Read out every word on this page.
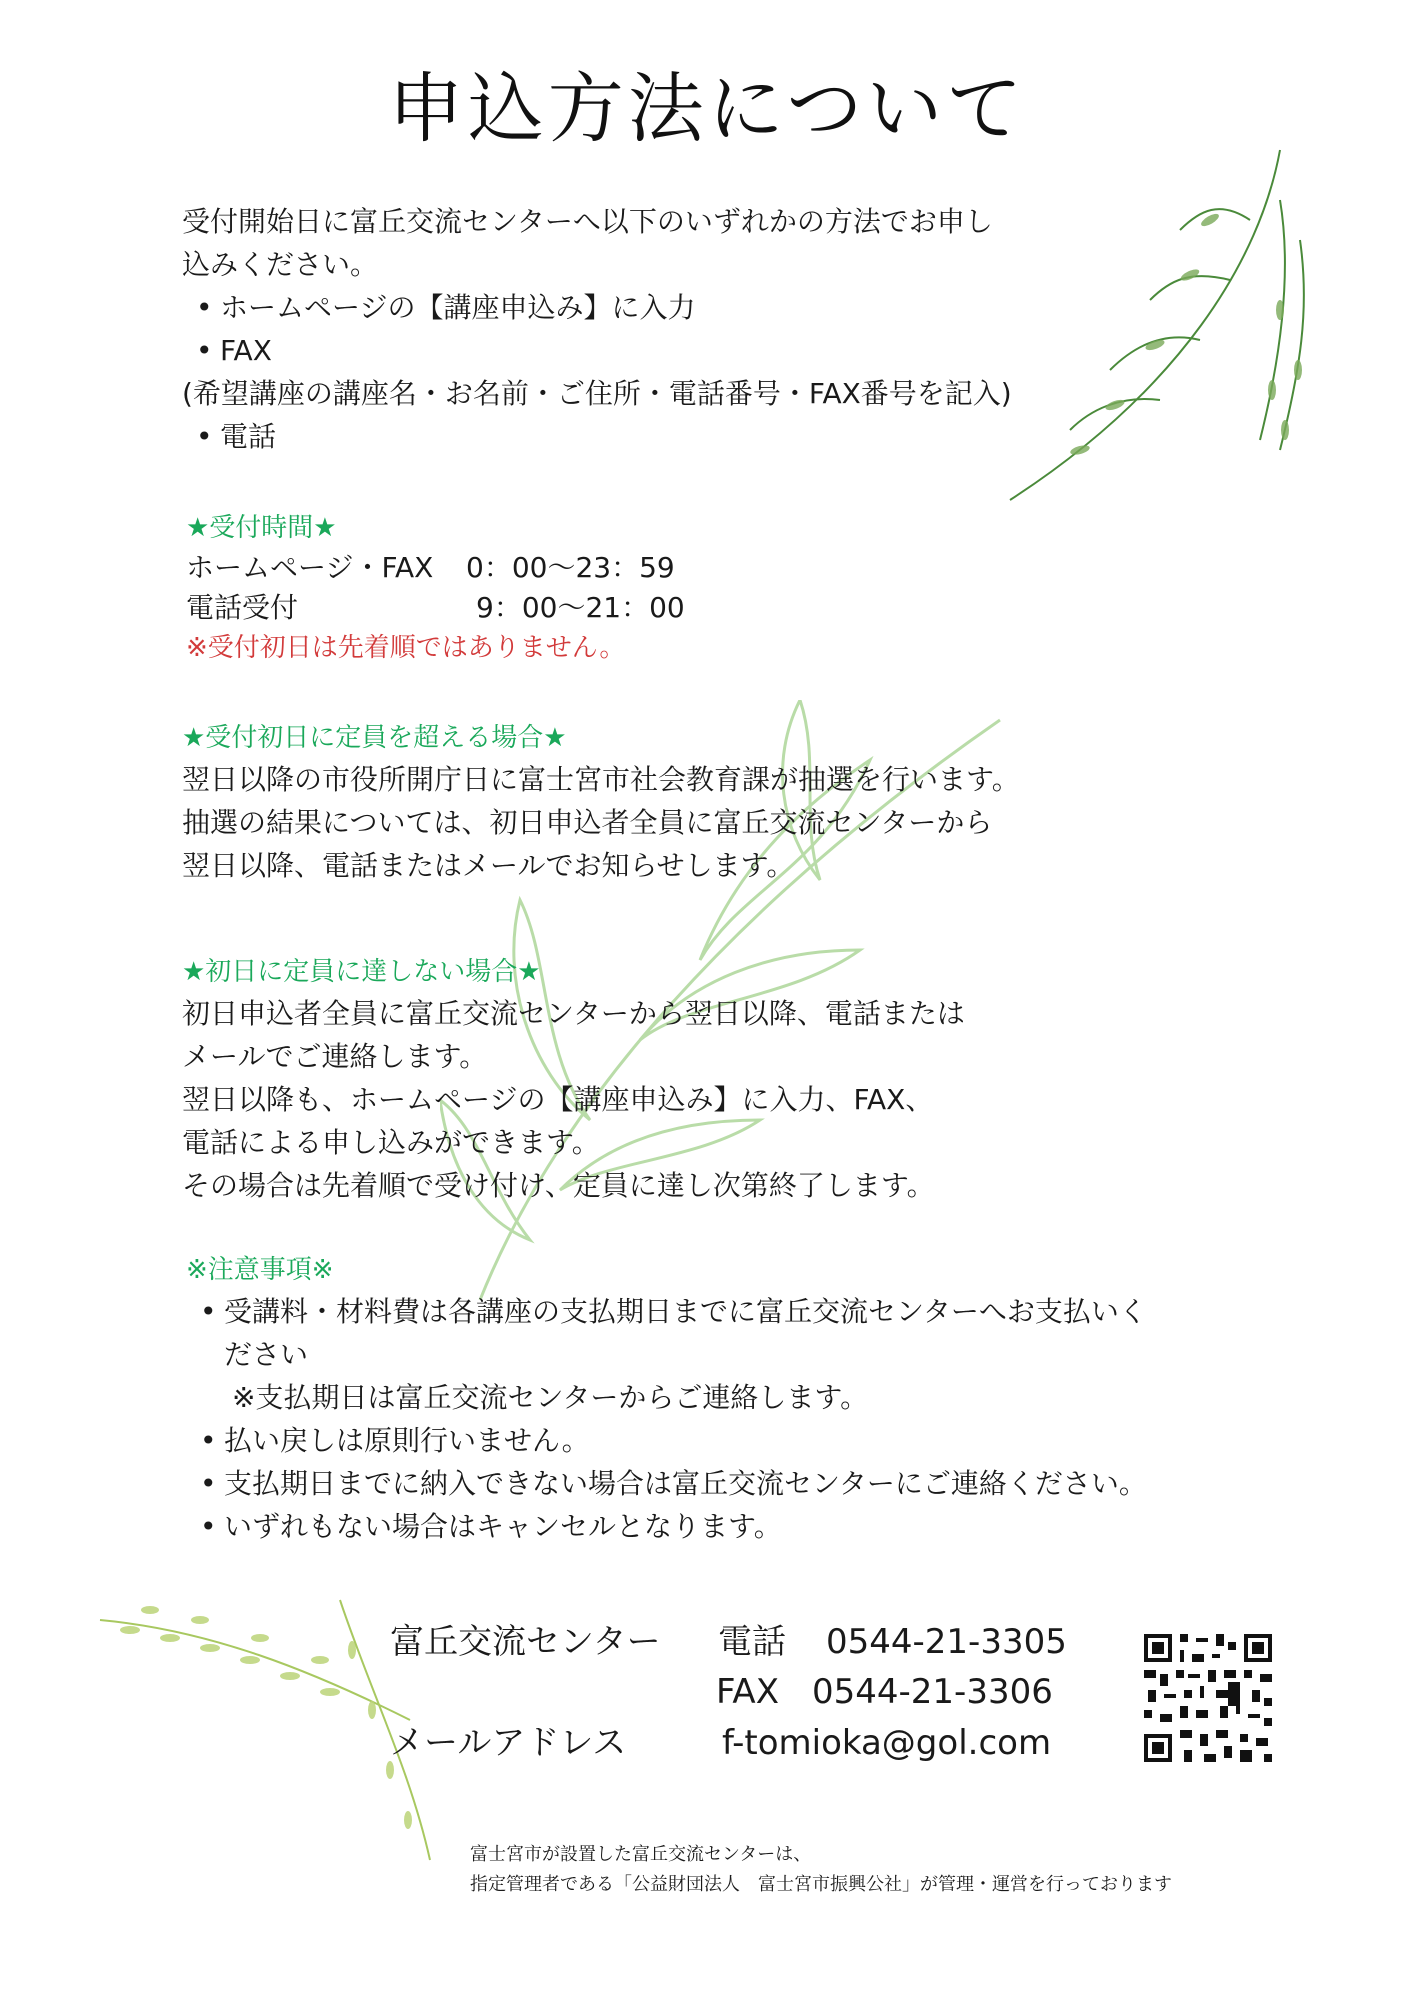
申込方法について
受付開始日に富丘交流センターへ以下のいずれかの方法でお申し
込みください。
• ホームページの【講座申込み】に入力
• FAX
(希望講座の講座名・お名前・ご住所・電話番号・FAX番号を記入)
• 電話
★受付時間★
ホームページ・FAX 0：00～23：59
電話受付	9：00～21：00
※受付初日は先着順ではありません。
★受付初日に定員を超える場合★
翌日以降の市役所開庁日に富士宮市社会教育課が抽選を行います。
抽選の結果については、初日申込者全員に富丘交流センターから
翌日以降、電話またはメールでお知らせします。
★初日に定員に達しない場合★
初日申込者全員に富丘交流センターから翌日以降、電話または
メールでご連絡します。
翌日以降も、ホームページの【講座申込み】に入力、FAX、
電話による申し込みができます。
その場合は先着順で受け付け、定員に達し次第終了します。
※注意事項※
• 受講料・材料費は各講座の支払期日までに富丘交流センターへお支払いく
ださい
※支払期日は富丘交流センターからご連絡します。
• 払い戻しは原則行いません。
• 支払期日までに納入できない場合は富丘交流センターにご連絡ください。
• いずれもない場合はキャンセルとなります。
富丘交流センター 電話 0544-21-3305
FAX 0544-21-3306
メールアドレス	f-tomioka@gol.com
富士宮市が設置した富丘交流センターは、
指定管理者である「公益財団法人　富士宮市振興公社」が管理・運営を行っております
